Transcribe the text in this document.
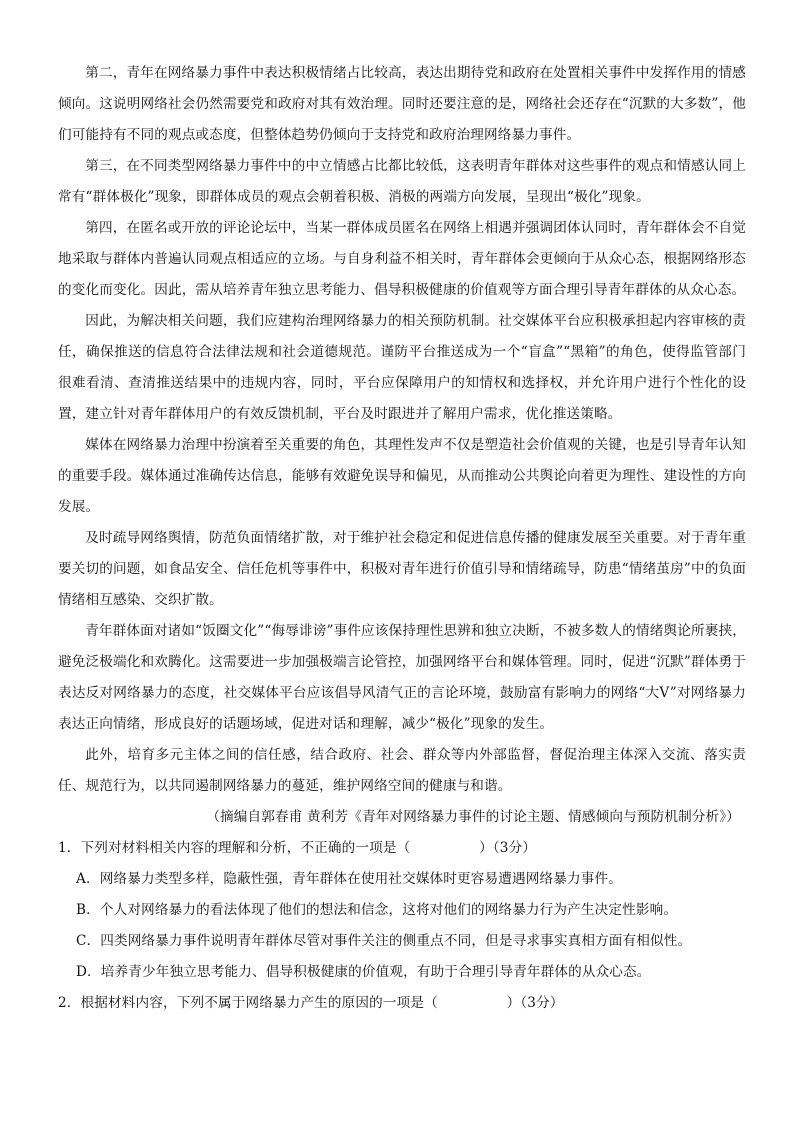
第二，青年在网络暴力事件中表达积极情绪占比较高，表达出期待党和政府在处置相关事件中发挥作用的情感倾向。这说明网络社会仍然需要党和政府对其有效治理。同时还要注意的是，网络社会还存在“沉默的大多数”，他们可能持有不同的观点或态度，但整体趋势仍倾向于支持党和政府治理网络暴力事件。

第三，在不同类型网络暴力事件中的中立情感占比都比较低，这表明青年群体对这些事件的观点和情感认同上常有“群体极化”现象，即群体成员的观点会朝着积极、消极的两端方向发展，呈现出“极化”现象。

第四，在匿名或开放的评论论坛中，当某一群体成员匿名在网络上相遇并强调团体认同时，青年群体会不自觉地采取与群体内普遍认同观点相适应的立场。与自身利益不相关时，青年群体会更倾向于从众心态，根据网络形态的变化而变化。因此，需从培养青年独立思考能力、倡导积极健康的价值观等方面合理引导青年群体的从众心态。

因此，为解决相关问题，我们应建构治理网络暴力的相关预防机制。社交媒体平台应积极承担起内容审核的责任，确保推送的信息符合法律法规和社会道德规范。谨防平台推送成为一个“盲盒”“黑箱”的角色，使得监管部门很难看清、查清推送结果中的违规内容，同时，平台应保障用户的知情权和选择权，并允许用户进行个性化的设置，建立针对青年群体用户的有效反馈机制，平台及时跟进并了解用户需求，优化推送策略。

媒体在网络暴力治理中扮演着至关重要的角色，其理性发声不仅是塑造社会价值观的关键，也是引导青年认知的重要手段。媒体通过准确传达信息，能够有效避免误导和偏见，从而推动公共舆论向着更为理性、建设性的方向发展。

及时疏导网络舆情，防范负面情绪扩散，对于维护社会稳定和促进信息传播的健康发展至关重要。对于青年重要关切的问题，如食品安全、信任危机等事件中，积极对青年进行价值引导和情绪疏导，防患“情绪茧房”中的负面情绪相互感染、交织扩散。

青年群体面对诸如“饭圈文化”“侮辱诽谤”事件应该保持理性思辨和独立决断，不被多数人的情绪舆论所裹挟，避免泛极端化和欢腾化。这需要进一步加强极端言论管控，加强网络平台和媒体管理。同时，促进“沉默”群体勇于表达反对网络暴力的态度，社交媒体平台应该倡导风清气正的言论环境，鼓励富有影响力的网络“大V”对网络暴力表达正向情绪，形成良好的话题场域，促进对话和理解，减少“极化”现象的发生。

此外，培育多元主体之间的信任感，结合政府、社会、群众等内外部监督，督促治理主体深入交流、落实责任、规范行为，以共同遏制网络暴力的蔓延，维护网络空间的健康与和谐。

（摘编自郭春甫 黄利芳《青年对网络暴力事件的讨论主题、情感倾向与预防机制分析》）

1．下列对材料相关内容的理解和分析，不正确的一项是（　　　　　）（3分）

A．网络暴力类型多样，隐蔽性强，青年群体在使用社交媒体时更容易遭遇网络暴力事件。

B．个人对网络暴力的看法体现了他们的想法和信念，这将对他们的网络暴力行为产生决定性影响。

C．四类网络暴力事件说明青年群体尽管对事件关注的侧重点不同，但是寻求事实真相方面有相似性。

D．培养青少年独立思考能力、倡导积极健康的价值观，有助于合理引导青年群体的从众心态。

2．根据材料内容，下列不属于网络暴力产生的原因的一项是（　　　　　）（3分）
